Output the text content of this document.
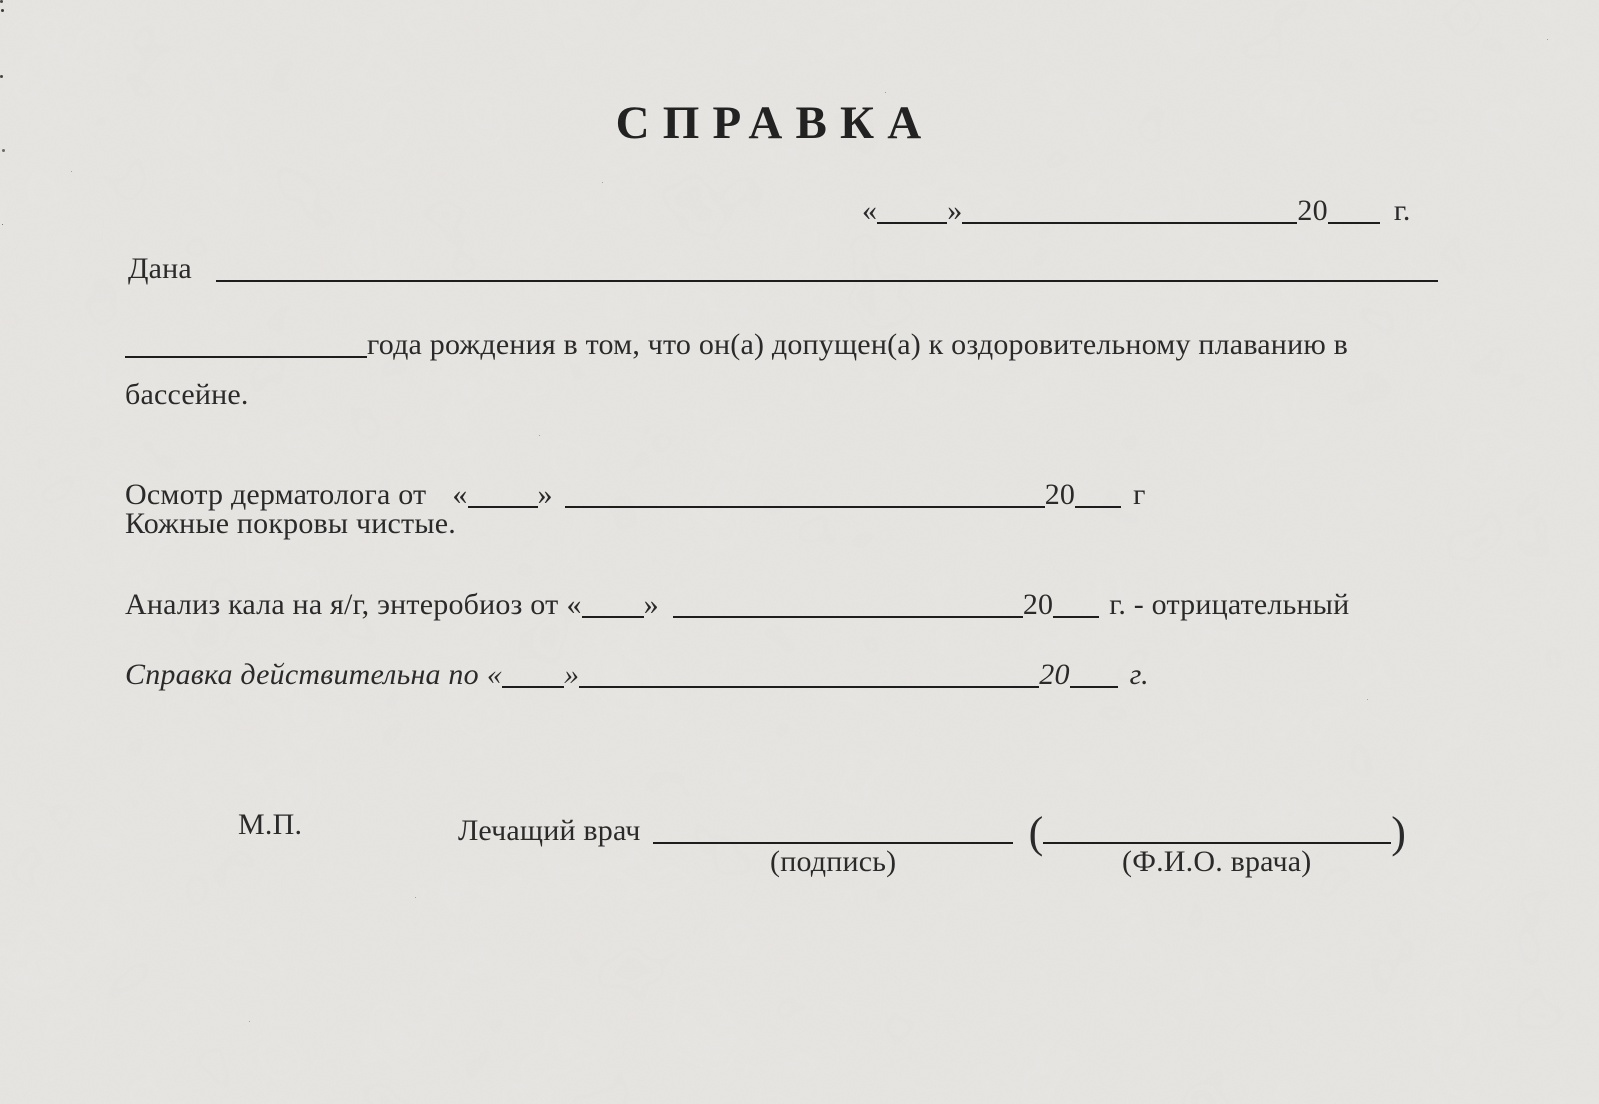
СПРАВКА
« »	20 г.
Дана
года рождения в том, что он(а) допущен(а) к оздоровительному плаванию в
бассейне.
Осмотр дерматолога от « »	20 г
Кожные покровы чистые.
Анализ кала на я/г, энтеробиоз от « »	20 г. - отрицательный
Справка действительна по « »	20 г.
М.П.	Лечащий врач	(	)
(подпись)	(Ф.И.О. врача)
